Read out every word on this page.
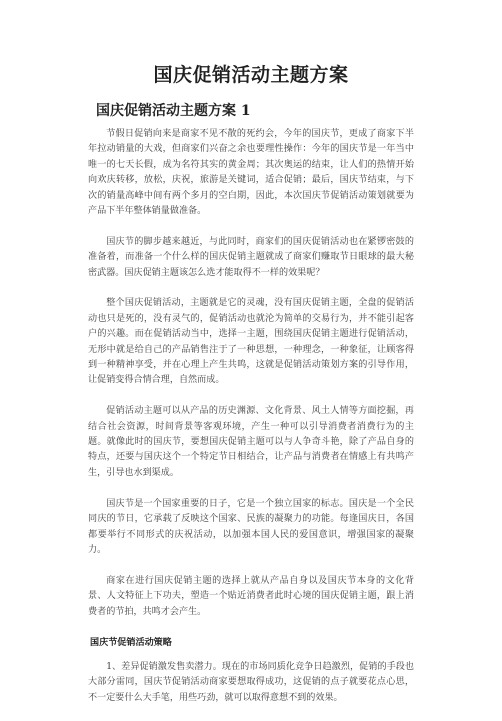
国庆促销活动主题方案
国庆促销活动主题方案 1

节假日促销向来是商家不见不散的死约会，今年的国庆节，更成了商家下半年拉动销量的大戏，但商家们兴奋之余也要理性操作：今年的国庆节是一年当中唯一的七天长假，成为名符其实的黄金周；其次奥运的结束，让人们的热情开始向欢庆转移，放松，庆祝，旅游是关键词，适合促销；最后，国庆节结束，与下次的销量高峰中间有两个多月的空白期，因此，本次国庆节促销活动策划就要为产品下半年整体销量做准备。

国庆节的脚步越来越近，与此同时，商家们的国庆促销活动也在紧锣密鼓的准备着，而准备一个什么样的国庆促销主题就成了商家们赚取节日眼球的最大秘密武器。国庆促销主题该怎么选才能取得不一样的效果呢？

整个国庆促销活动，主题就是它的灵魂，没有国庆促销主题，全盘的促销活动也只是死的，没有灵气的，促销活动也就沦为简单的交易行为，并不能引起客户的兴趣。而在促销活动当中，选择一主题，围绕国庆促销主题进行促销活动，无形中就是给自己的产品销售注于了一种思想，一种理念，一种象征，让顾客得到一种精神享受，并在心理上产生共鸣，这就是促销活动策划方案的引导作用，让促销变得合情合理，自然而成。

促销活动主题可以从产品的历史渊源、文化背景、风土人情等方面挖掘，再结合社会资源，时间背景等客观环境，产生一种可以引导消费者消费行为的主题。就像此时的国庆节，要想国庆促销主题可以与人争奇斗艳，除了产品自身的特点，还要与国庆这个一个特定节日相结合，让产品与消费者在情感上有共鸣产生，引导也水到渠成。

国庆节是一个国家重要的日子，它是一个独立国家的标志。国庆是一个全民同庆的节日，它承载了反映这个国家、民族的凝聚力的功能。每逢国庆日，各国都要举行不同形式的庆祝活动，以加强本国人民的爱国意识，增强国家的凝聚力。

商家在进行国庆促销主题的选择上就从产品自身以及国庆节本身的文化背景、人文特征上下功夫，塑造一个贴近消费者此时心境的国庆促销主题，跟上消费者的节拍，共鸣才会产生。

国庆节促销活动策略

1、差异促销激发售卖潜力。现在的市场同质化竞争日趋激烈，促销的手段也大部分雷同，国庆节促销活动商家要想取得成功，这促销的点子就要花点心思，不一定要什么大手笔，用些巧劲，就可以取得意想不到的效果。
